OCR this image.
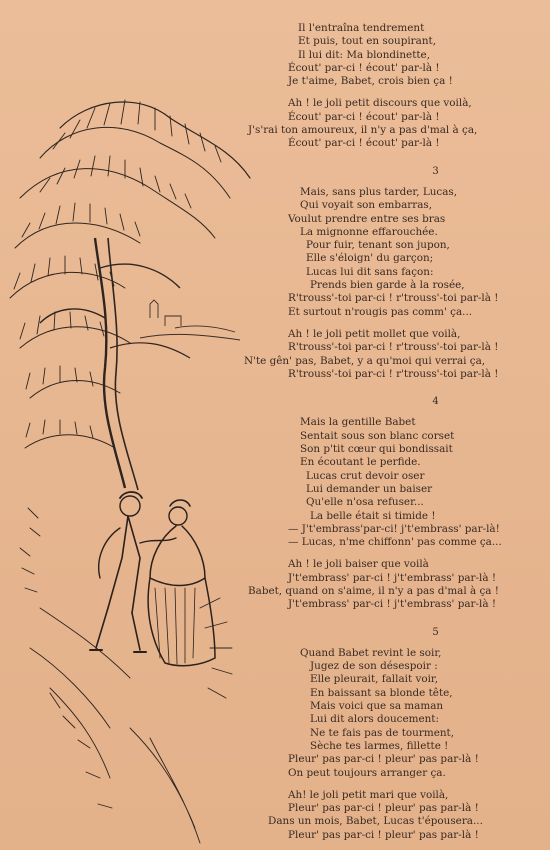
Il l'entraîna tendrement
Et puis, tout en soupirant,
Il lui dit: Ma blondinette,
Écout' par-ci ! écout' par-là !
Je t'aime, Babet, crois bien ça !
Ah ! le joli petit discours que voilà,
Écout' par-ci ! écout' par-là !
J's'rai ton amoureux, il n'y a pas d'mal à ça,
Écout' par-ci ! écout' par-là !
3
Mais, sans plus tarder, Lucas,
Qui voyait son embarras,
Voulut prendre entre ses bras
La mignonne effarouchée.
Pour fuir, tenant son jupon,
Elle s'éloign' du garçon;
Lucas lui dit sans façon:
Prends bien garde à la rosée,
R'trouss'-toi par-ci ! r'trouss'-toi par-là !
Et surtout n'rougis pas comm' ça...
Ah ! le joli petit mollet que voilà,
R'trouss'-toi par-ci ! r'trouss'-toi par-là !
N'te gên' pas, Babet, y a qu'moi qui verrai ça,
R'trouss'-toi par-ci ! r'trouss'-toi par-là !
4
Mais la gentille Babet
Sentait sous son blanc corset
Son p'tit cœur qui bondissait
En écoutant le perfide.
Lucas crut devoir oser
Lui demander un baiser
Qu'elle n'osa refuser...
La belle était si timide !
— J't'embrass'par-ci! j't'embrass' par-là!
— Lucas, n'me chiffonn' pas comme ça...
Ah ! le joli baiser que voilà
J't'embrass' par-ci ! j't'embrass' par-là !
Babet, quand on s'aime, il n'y a pas d'mal à ça !
J't'embrass' par-ci ! j't'embrass' par-là !
5
Quand Babet revint le soir,
Jugez de son désespoir :
Elle pleurait, fallait voir,
En baissant sa blonde tête,
Mais voici que sa maman
Lui dit alors doucement:
Ne te fais pas de tourment,
Sèche tes larmes, fillette !
Pleur' pas par-ci ! pleur' pas par-là !
On peut toujours arranger ça.
Ah! le joli petit mari que voilà,
Pleur' pas par-ci ! pleur' pas par-là !
Dans un mois, Babet, Lucas t'épousera...
Pleur' pas par-ci ! pleur' pas par-là !
